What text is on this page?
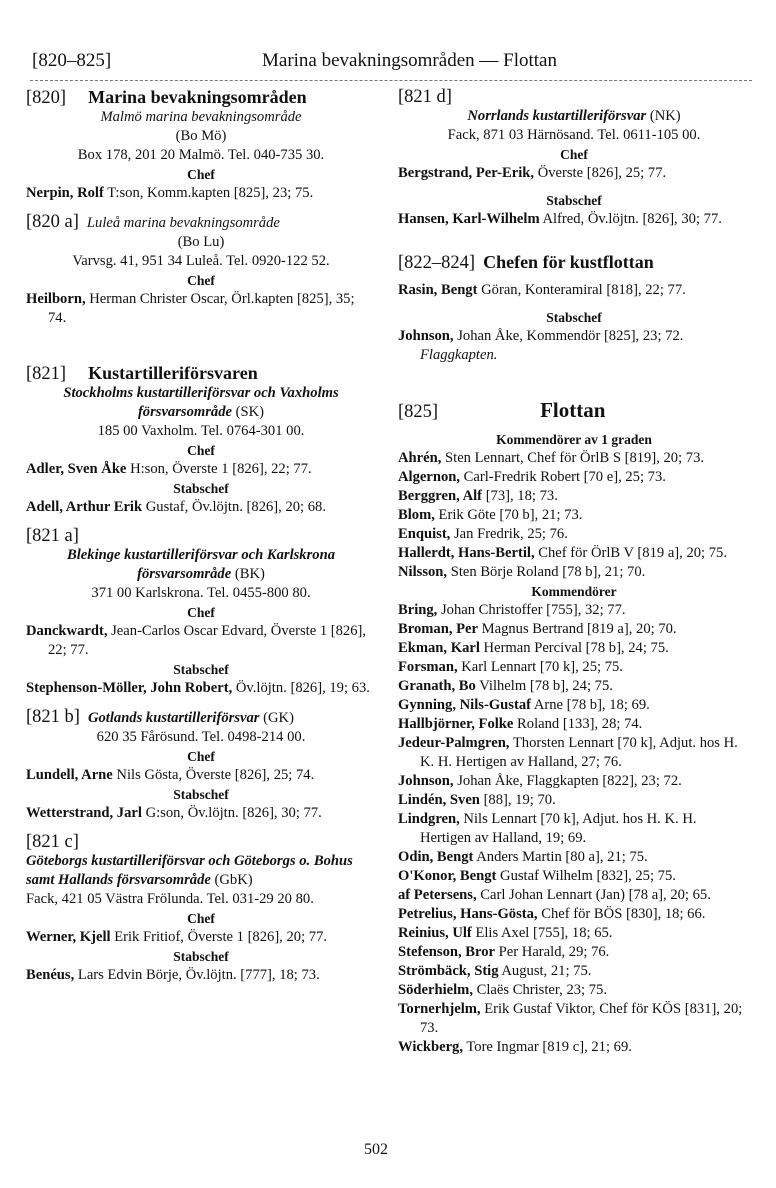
[820–825]	Marina bevakningsområden — Flottan
[820] Marina bevakningsområden
Malmö marina bevakningsområde
(Bo Mö)
Box 178, 201 20 Malmö. Tel. 040-735 30.
Chef
Nerpin, Rolf T:son, Komm.kapten [825], 23; 75.
[820 a] Luleå marina bevakningsområde
(Bo Lu)
Varvsg. 41, 951 34 Luleå. Tel. 0920-122 52.
Chef
Heilborn, Herman Christer Oscar, Örl.kapten [825], 35; 74.
[821] Kustartilleriförsvaren
Stockholms kustartilleriförsvar och Vaxholms försvarsområde (SK)
185 00 Vaxholm. Tel. 0764-301 00.
Chef
Adler, Sven Åke H:son, Överste 1 [826], 22; 77.
Stabschef
Adell, Arthur Erik Gustaf, Öv.löjtn. [826], 20; 68.
[821 a]
Blekinge kustartilleriförsvar och Karlskrona försvarsområde (BK)
371 00 Karlskrona. Tel. 0455-800 80.
Chef
Danckwardt, Jean-Carlos Oscar Edvard, Överste 1 [826], 22; 77.
Stabschef
Stephenson-Möller, John Robert, Öv.löjtn. [826], 19; 63.
[821 b] Gotlands kustartilleriförsvar
(GK)
620 35 Fårösund. Tel. 0498-214 00.
Chef
Lundell, Arne Nils Gösta, Överste [826], 25; 74.
Stabschef
Wetterstrand, Jarl G:son, Öv.löjtn. [826], 30; 77.
[821 c]
Göteborgs kustartilleriförsvar och Göteborgs o. Bohus samt Hallands försvarsområde (GbK)
Fack, 421 05 Västra Frölunda. Tel. 031-29 20 80.
Chef
Werner, Kjell Erik Fritiof, Överste 1 [826], 20; 77.
Stabschef
Benéus, Lars Edvin Börje, Öv.löjtn. [777], 18; 73.
[821 d]
Norrlands kustartilleriförsvar (NK)
Fack, 871 03 Härnösand. Tel. 0611-105 00.
Chef
Bergstrand, Per-Erik, Överste [826], 25; 77.
Stabschef
Hansen, Karl-Wilhelm Alfred, Öv.löjtn. [826], 30; 77.
[822–824] Chefen för kustflottan
Rasin, Bengt Göran, Konteramiral [818], 22; 77.
Stabschef
Johnson, Johan Åke, Kommendör [825], 23; 72.
Flaggkapten.
[825]	Flottan
Kommendörer av 1 graden
Ahrén, Sten Lennart, Chef för ÖrlB S [819], 20; 73.
Algernon, Carl-Fredrik Robert [70 e], 25; 73.
Berggren, Alf [73], 18; 73.
Blom, Erik Göte [70 b], 21; 73.
Enquist, Jan Fredrik, 25; 76.
Hallerdt, Hans-Bertil, Chef för ÖrlB V [819 a], 20; 75.
Nilsson, Sten Börje Roland [78 b], 21; 70.
Kommendörer
Bring, Johan Christoffer [755], 32; 77.
Broman, Per Magnus Bertrand [819 a], 20; 70.
Ekman, Karl Herman Percival [78 b], 24; 75.
Forsman, Karl Lennart [70 k], 25; 75.
Granath, Bo Vilhelm [78 b], 24; 75.
Gynning, Nils-Gustaf Arne [78 b], 18; 69.
Hallbjörner, Folke Roland [133], 28; 74.
Jedeur-Palmgren, Thorsten Lennart [70 k], Adjut. hos H. K. H. Hertigen av Halland, 27; 76.
Johnson, Johan Åke, Flaggkapten [822], 23; 72.
Lindén, Sven [88], 19; 70.
Lindgren, Nils Lennart [70 k], Adjut. hos H. K. H. Hertigen av Halland, 19; 69.
Odin, Bengt Anders Martin [80 a], 21; 75.
O'Konor, Bengt Gustaf Wilhelm [832], 25; 75.
af Petersens, Carl Johan Lennart (Jan) [78 a], 20; 65.
Petrelius, Hans-Gösta, Chef för BÖS [830], 18; 66.
Reinius, Ulf Elis Axel [755], 18; 65.
Stefenson, Bror Per Harald, 29; 76.
Strömbäck, Stig August, 21; 75.
Söderhielm, Claës Christer, 23; 75.
Tornerhjelm, Erik Gustaf Viktor, Chef för KÖS [831], 20; 73.
Wickberg, Tore Ingmar [819 c], 21; 69.
502
